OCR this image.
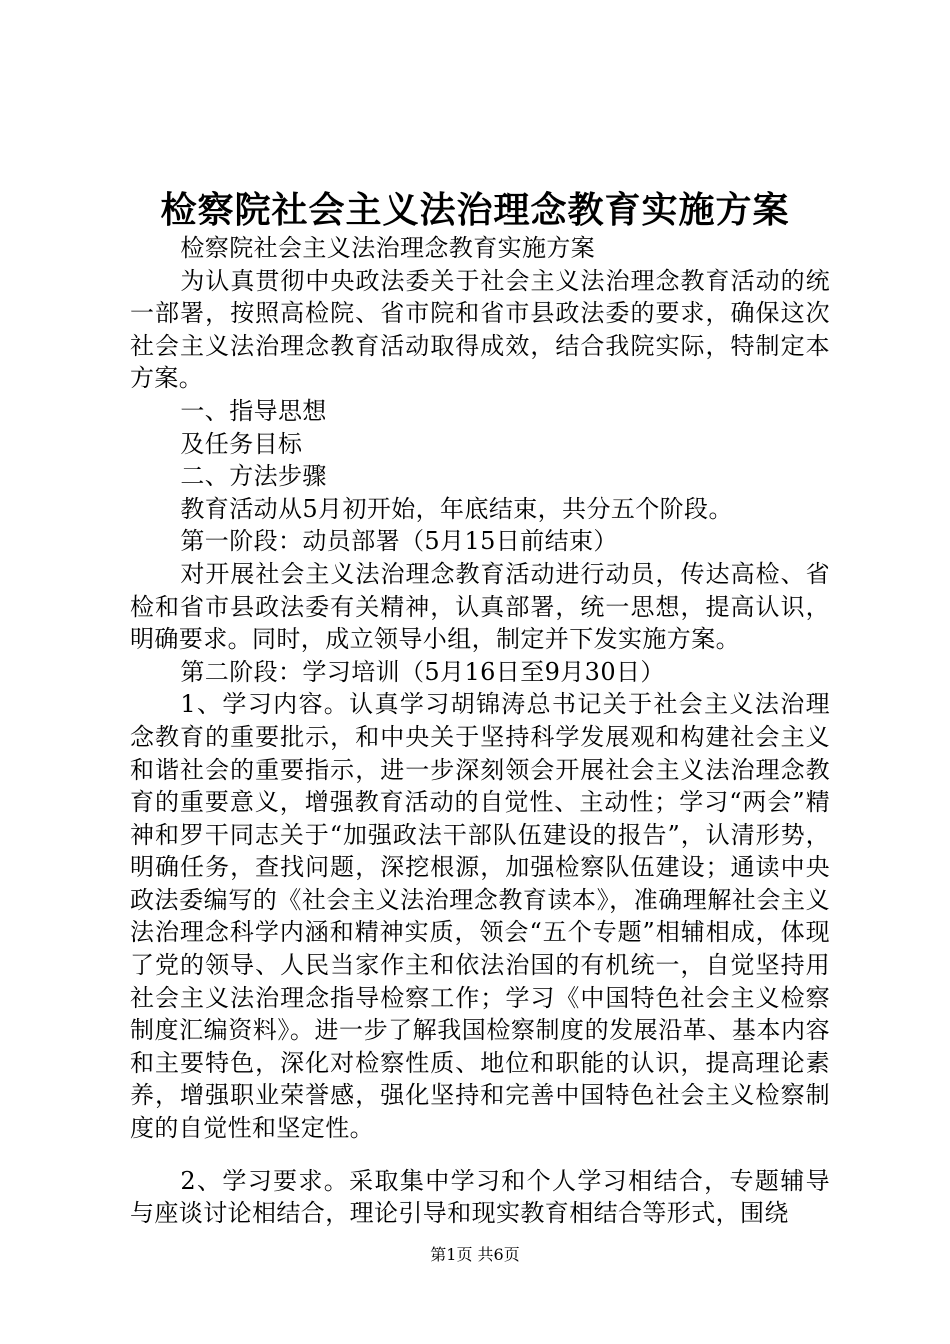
检察院社会主义法治理念教育实施方案

检察院社会主义法治理念教育实施方案

为认真贯彻中央政法委关于社会主义法治理念教育活动的统一部署，按照高检院、省市院和省市县政法委的要求，确保这次社会主义法治理念教育活动取得成效，结合我院实际，特制定本方案。

一、指导思想

及任务目标

二、方法步骤

教育活动从5月初开始，年底结束，共分五个阶段。

第一阶段：动员部署（5月15日前结束）

对开展社会主义法治理念教育活动进行动员，传达高检、省检和省市县政法委有关精神，认真部署，统一思想，提高认识，明确要求。同时，成立领导小组，制定并下发实施方案。

第二阶段：学习培训（5月16日至9月30日）

1、学习内容。认真学习胡锦涛总书记关于社会主义法治理念教育的重要批示，和中央关于坚持科学发展观和构建社会主义和谐社会的重要指示，进一步深刻领会开展社会主义法治理念教育的重要意义，增强教育活动的自觉性、主动性；学习“两会”精神和罗干同志关于“加强政法干部队伍建设的报告”，认清形势，明确任务，查找问题，深挖根源，加强检察队伍建设；通读中央政法委编写的《社会主义法治理念教育读本》，准确理解社会主义法治理念科学内涵和精神实质，领会“五个专题”相辅相成，体现了党的领导、人民当家作主和依法治国的有机统一，自觉坚持用社会主义法治理念指导检察工作；学习《中国特色社会主义检察制度汇编资料》。进一步了解我国检察制度的发展沿革、基本内容和主要特色，深化对检察性质、地位和职能的认识，提高理论素养，增强职业荣誉感，强化坚持和完善中国特色社会主义检察制度的自觉性和坚定性。

2、学习要求。采取集中学习和个人学习相结合，专题辅导与座谈讨论相结合，理论引导和现实教育相结合等形式，围绕

第1页 共6页
